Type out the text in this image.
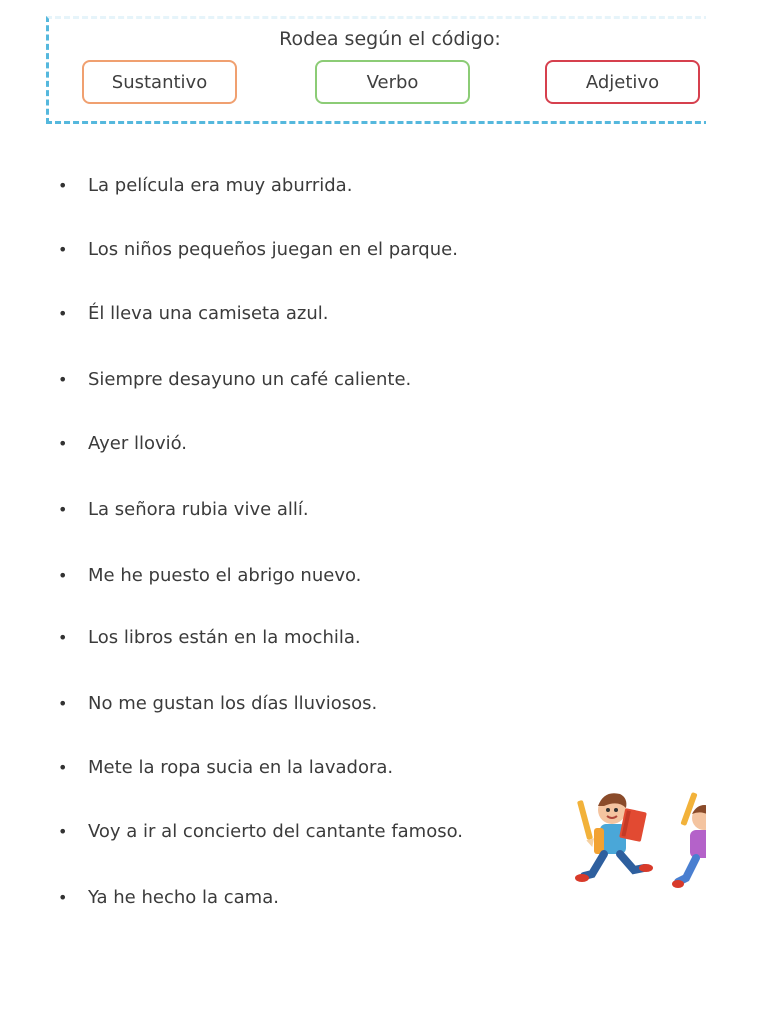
Rodea según el código:
Sustantivo	Verbo	Adjetivo
•	La película era muy aburrida.
•	Los niños pequeños juegan en el parque.
•	Él lleva una camiseta azul.
•	Siempre desayuno un café caliente.
•	Ayer llovió.
•	La señora rubia vive allí.
•	Me he puesto el abrigo nuevo.
•	Los libros están en la mochila.
•	No me gustan los días lluviosos.
•	Mete la ropa sucia en la lavadora.
•	Voy a ir al concierto del cantante famoso.
•	Ya he hecho la cama.
